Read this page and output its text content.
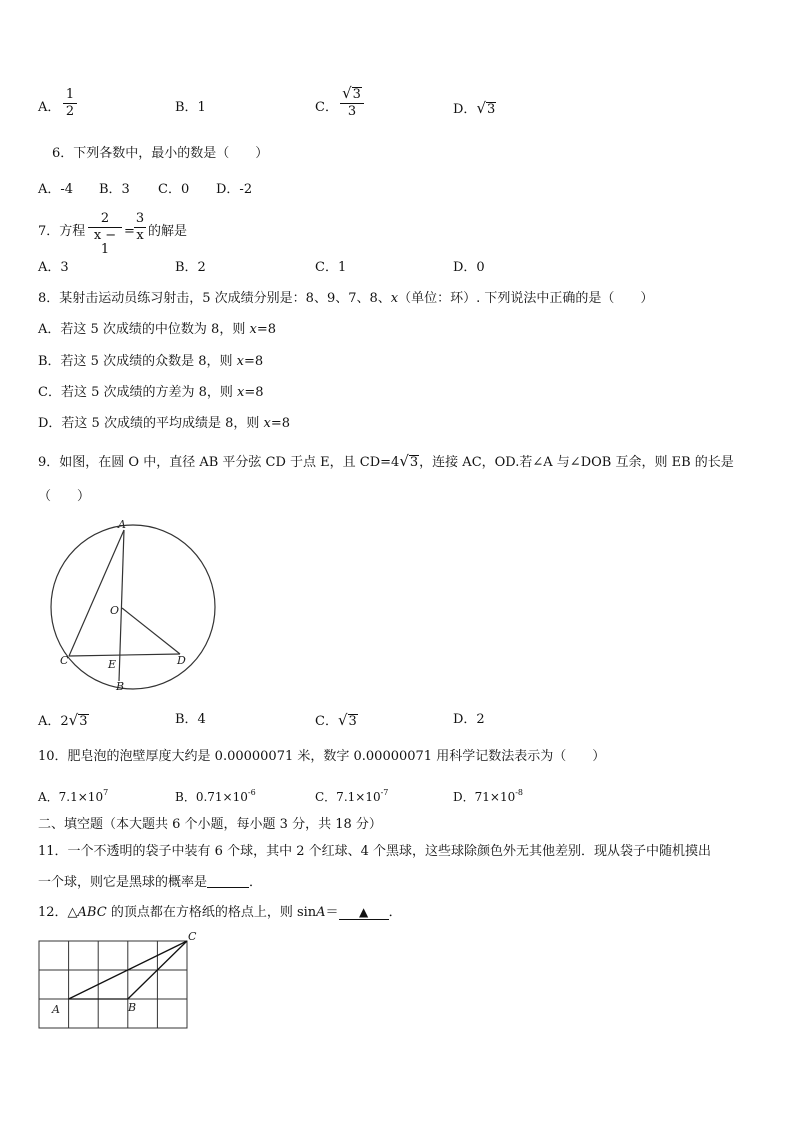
A．
1
2	B．1	C．
√3
3	D．√3
6．下列各数中，最小的数是（　　）
A．-4 B．3 C．0 D．-2
7．方程
2
x − 1
=
3
x 的解是
A．3	B．2	C．1	D．0
8．某射击运动员练习射击，5 次成绩分别是：8、9、7、8、x（单位：环）. 下列说法中正确的是（　　）
A．若这 5 次成绩的中位数为 8，则 x=8
B．若这 5 次成绩的众数是 8，则 x=8
C．若这 5 次成绩的方差为 8，则 x=8
D．若这 5 次成绩的平均成绩是 8，则 x=8
9．如图，在圆 O 中，直径 AB 平分弦 CD 于点 E，且 CD=4√3，连接 AC，OD.若∠A 与∠DOB 互余，则 EB 的长是
（　　）
A
O
C	E	D
B
A．2√3	B．4	C．√3	D．2
10．肥皂泡的泡壁厚度大约是 0.00000071 米，数字 0.00000071 用科学记数法表示为（　　）
A．$7.1\times 10^7$	B．$0.71\times 10^{-6}$	C．$7.1\times 10^{-7}$	D．$71\times 10^{-8}$
二、填空题（本大题共 6 个小题，每小题 3 分，共 18 分）
11．一个不透明的袋子中装有 6 个球，其中 2 个红球、4 个黑球，这些球除颜色外无其他差别．现从袋子中随机摸出
一个球，则它是黑球的概率是	．
12．△ABC 的顶点都在方格纸的格点上，则 sinA＝ ▲ ．
A	B
C
